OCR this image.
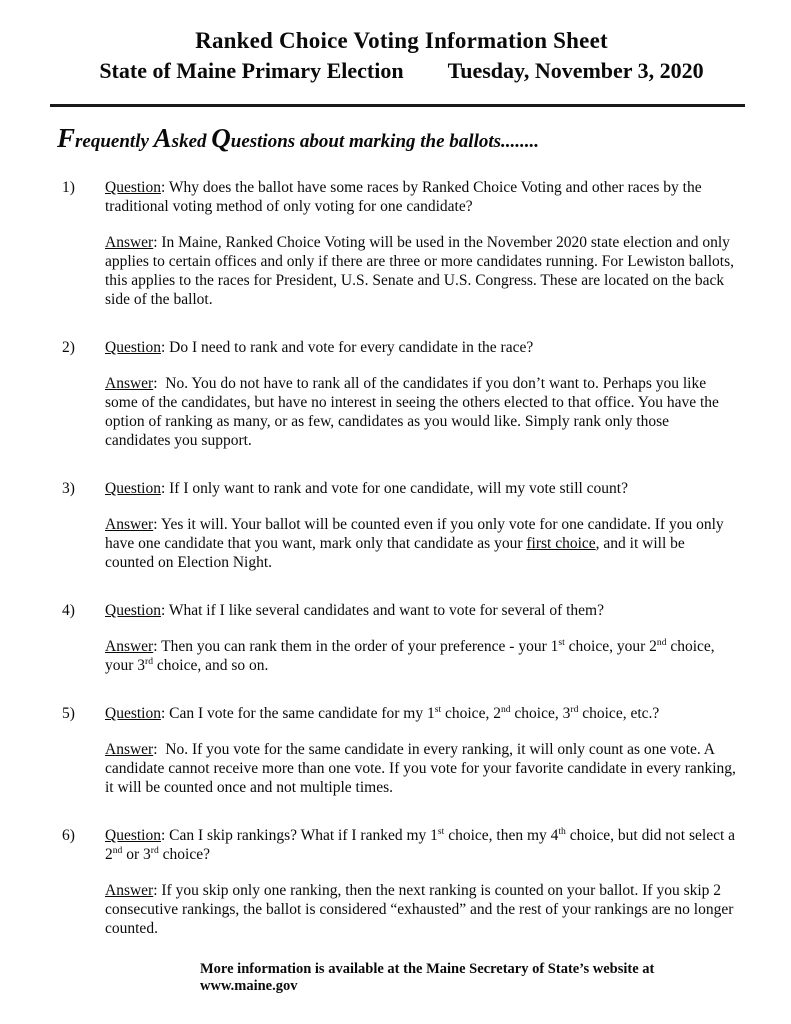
Ranked Choice Voting Information Sheet
State of Maine Primary Election Tuesday, November 3, 2020
Frequently Asked Questions about marking the ballots........
1)	Question: Why does the ballot have some races by Ranked Choice Voting and other races by the traditional voting method of only voting for one candidate?

Answer: In Maine, Ranked Choice Voting will be used in the November 2020 state election and only applies to certain offices and only if there are three or more candidates running. For Lewiston ballots, this applies to the races for President, U.S. Senate and U.S. Congress. These are located on the back side of the ballot.

2)	Question: Do I need to rank and vote for every candidate in the race?

Answer:  No. You do not have to rank all of the candidates if you don’t want to. Perhaps you like some of the candidates, but have no interest in seeing the others elected to that office. You have the option of ranking as many, or as few, candidates as you would like. Simply rank only those candidates you support.

3)	Question: If I only want to rank and vote for one candidate, will my vote still count?

Answer: Yes it will. Your ballot will be counted even if you only vote for one candidate. If you only have one candidate that you want, mark only that candidate as your first choice, and it will be counted on Election Night.

4)	Question: What if I like several candidates and want to vote for several of them?

Answer: Then you can rank them in the order of your preference - your 1st choice, your 2nd choice, your 3rd choice, and so on.

5)	Question: Can I vote for the same candidate for my 1st choice, 2nd choice, 3rd choice, etc.?

Answer:  No. If you vote for the same candidate in every ranking, it will only count as one vote. A candidate cannot receive more than one vote. If you vote for your favorite candidate in every ranking, it will be counted once and not multiple times.

6)	Question: Can I skip rankings? What if I ranked my 1st choice, then my 4th choice, but did not select a 2nd or 3rd choice?

Answer: If you skip only one ranking, then the next ranking is counted on your ballot. If you skip 2 consecutive rankings, the ballot is considered “exhausted” and the rest of your rankings are no longer counted.

More information is available at the Maine Secretary of State’s website at www.maine.gov
